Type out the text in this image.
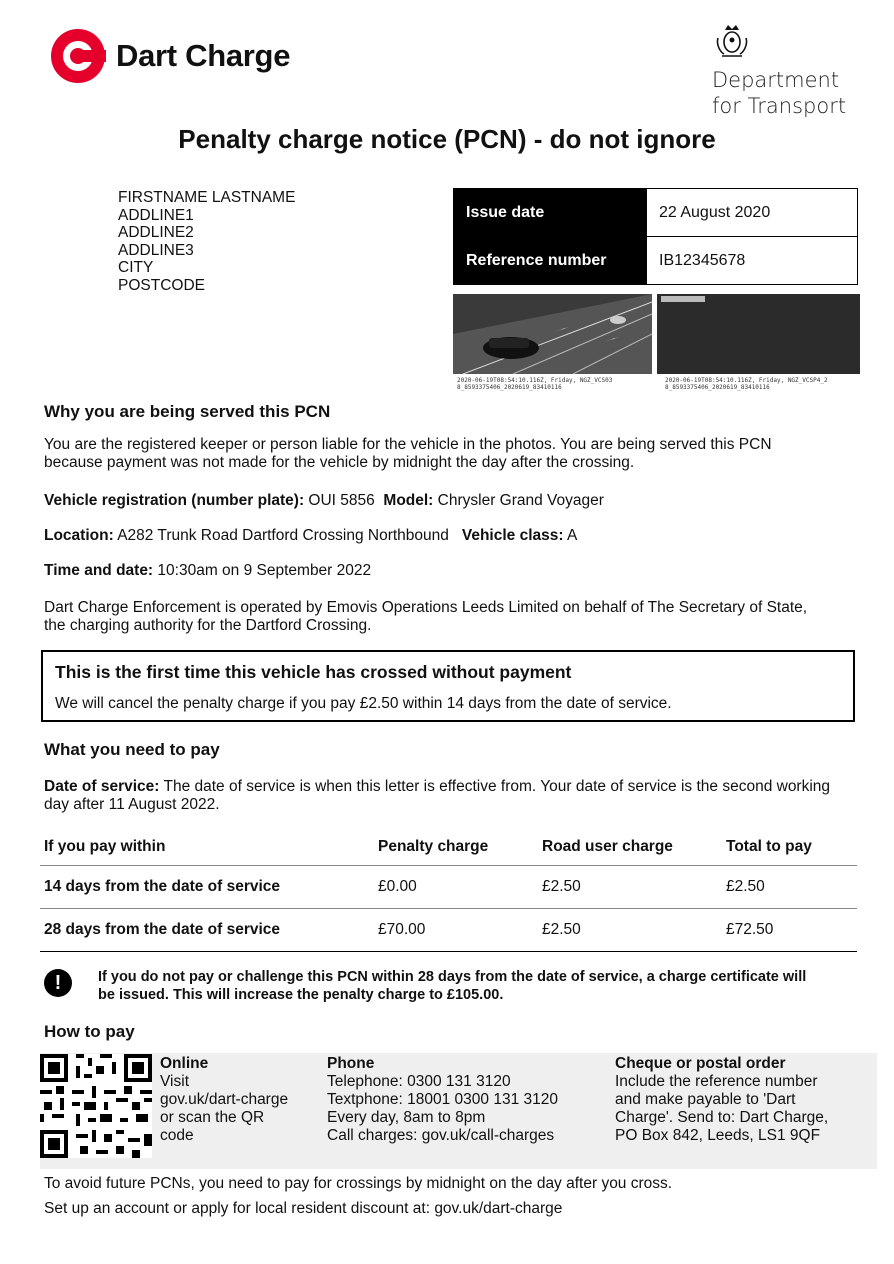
Dart Charge
Department
for Transport
Penalty charge notice (PCN) - do not ignore
FIRSTNAME LASTNAME
ADDLINE1
ADDLINE2
ADDLINE3
CITY
POSTCODE
Issue date	22 August 2020
Reference number	IB12345678
2020-06-19T08:54:10.116Z, Friday, NGZ_VCS03
8_8593375406_2020619_83410116
2020-06-19T08:54:10.116Z, Friday, NGZ_VCSP4_2
8_8593375406_2020619_83410116
Why you are being served this PCN
You are the registered keeper or person liable for the vehicle in the photos. You are being served this PCN because payment was not made for the vehicle by midnight the day after the crossing.
Vehicle registration (number plate): OUI 5856 Model: Chrysler Grand Voyager
Location: A282 Trunk Road Dartford Crossing Northbound Vehicle class: A
Time and date: 10:30am on 9 September 2022
Dart Charge Enforcement is operated by Emovis Operations Leeds Limited on behalf of The Secretary of State, the charging authority for the Dartford Crossing.
This is the first time this vehicle has crossed without payment
We will cancel the penalty charge if you pay £2.50 within 14 days from the date of service.
What you need to pay
Date of service: The date of service is when this letter is effective from. Your date of service is the second working day after 11 August 2022.
If you pay within	Penalty charge	Road user charge	Total to pay
14 days from the date of service	£0.00	£2.50	£2.50
28 days from the date of service	£70.00	£2.50	£72.50
!	If you do not pay or challenge this PCN within 28 days from the date of service, a charge certificate will be issued. This will increase the penalty charge to £105.00.
How to pay
Online
Visit
gov.uk/dart-charge
or scan the QR
code
Phone
Telephone: 0300 131 3120
Textphone: 18001 0300 131 3120
Every day, 8am to 8pm
Call charges: gov.uk/call-charges
Cheque or postal order
Include the reference number
and make payable to 'Dart
Charge'. Send to: Dart Charge,
PO Box 842, Leeds, LS1 9QF
To avoid future PCNs, you need to pay for crossings by midnight on the day after you cross.
Set up an account or apply for local resident discount at: gov.uk/dart-charge
